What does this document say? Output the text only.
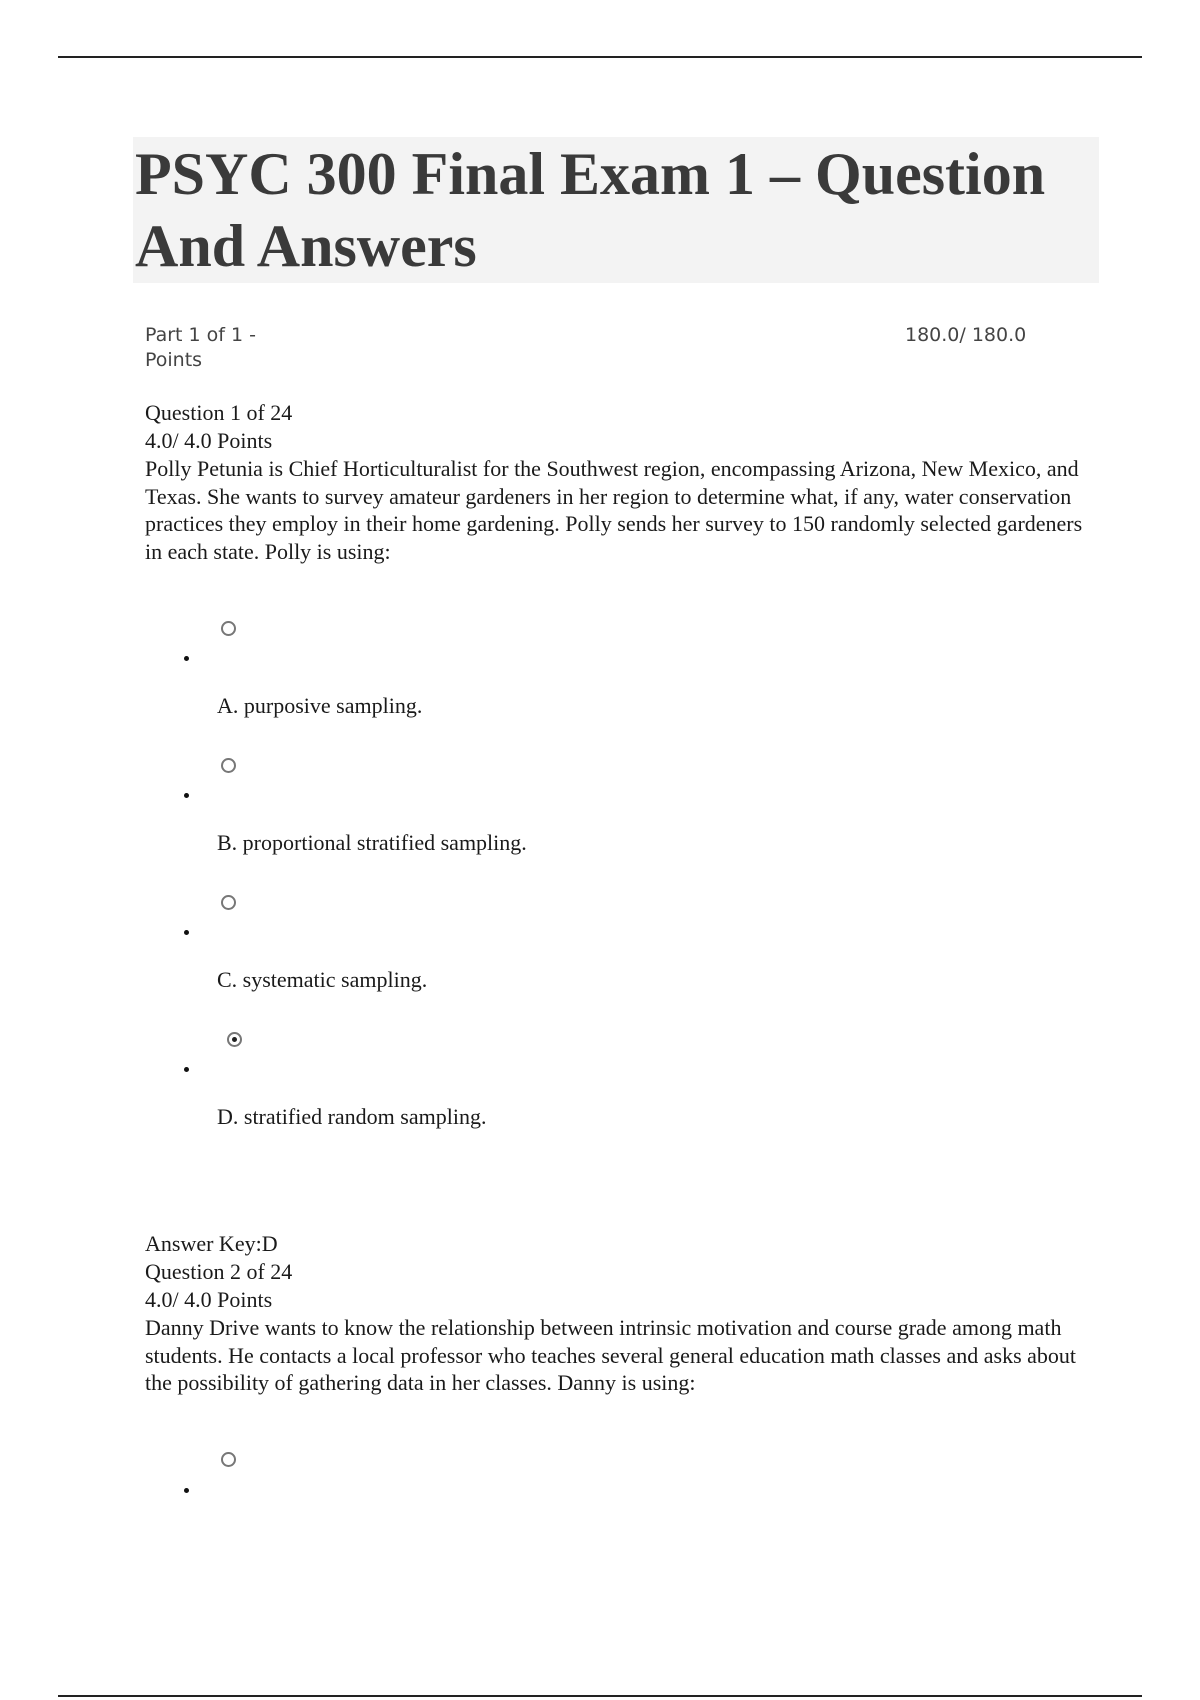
PSYC 300 Final Exam 1 – Question And Answers
Part 1 of 1 - Points
180.0/ 180.0
Question 1 of 24
4.0/ 4.0 Points
Polly Petunia is Chief Horticulturalist for the Southwest region, encompassing Arizona, New Mexico, and Texas. She wants to survey amateur gardeners in her region to determine what, if any, water conservation practices they employ in their home gardening. Polly sends her survey to 150 randomly selected gardeners in each state. Polly is using:
A. purposive sampling.
B. proportional stratified sampling.
C. systematic sampling.
D. stratified random sampling.
Answer Key:D
Question 2 of 24
4.0/ 4.0 Points
Danny Drive wants to know the relationship between intrinsic motivation and course grade among math students. He contacts a local professor who teaches several general education math classes and asks about the possibility of gathering data in her classes. Danny is using:
